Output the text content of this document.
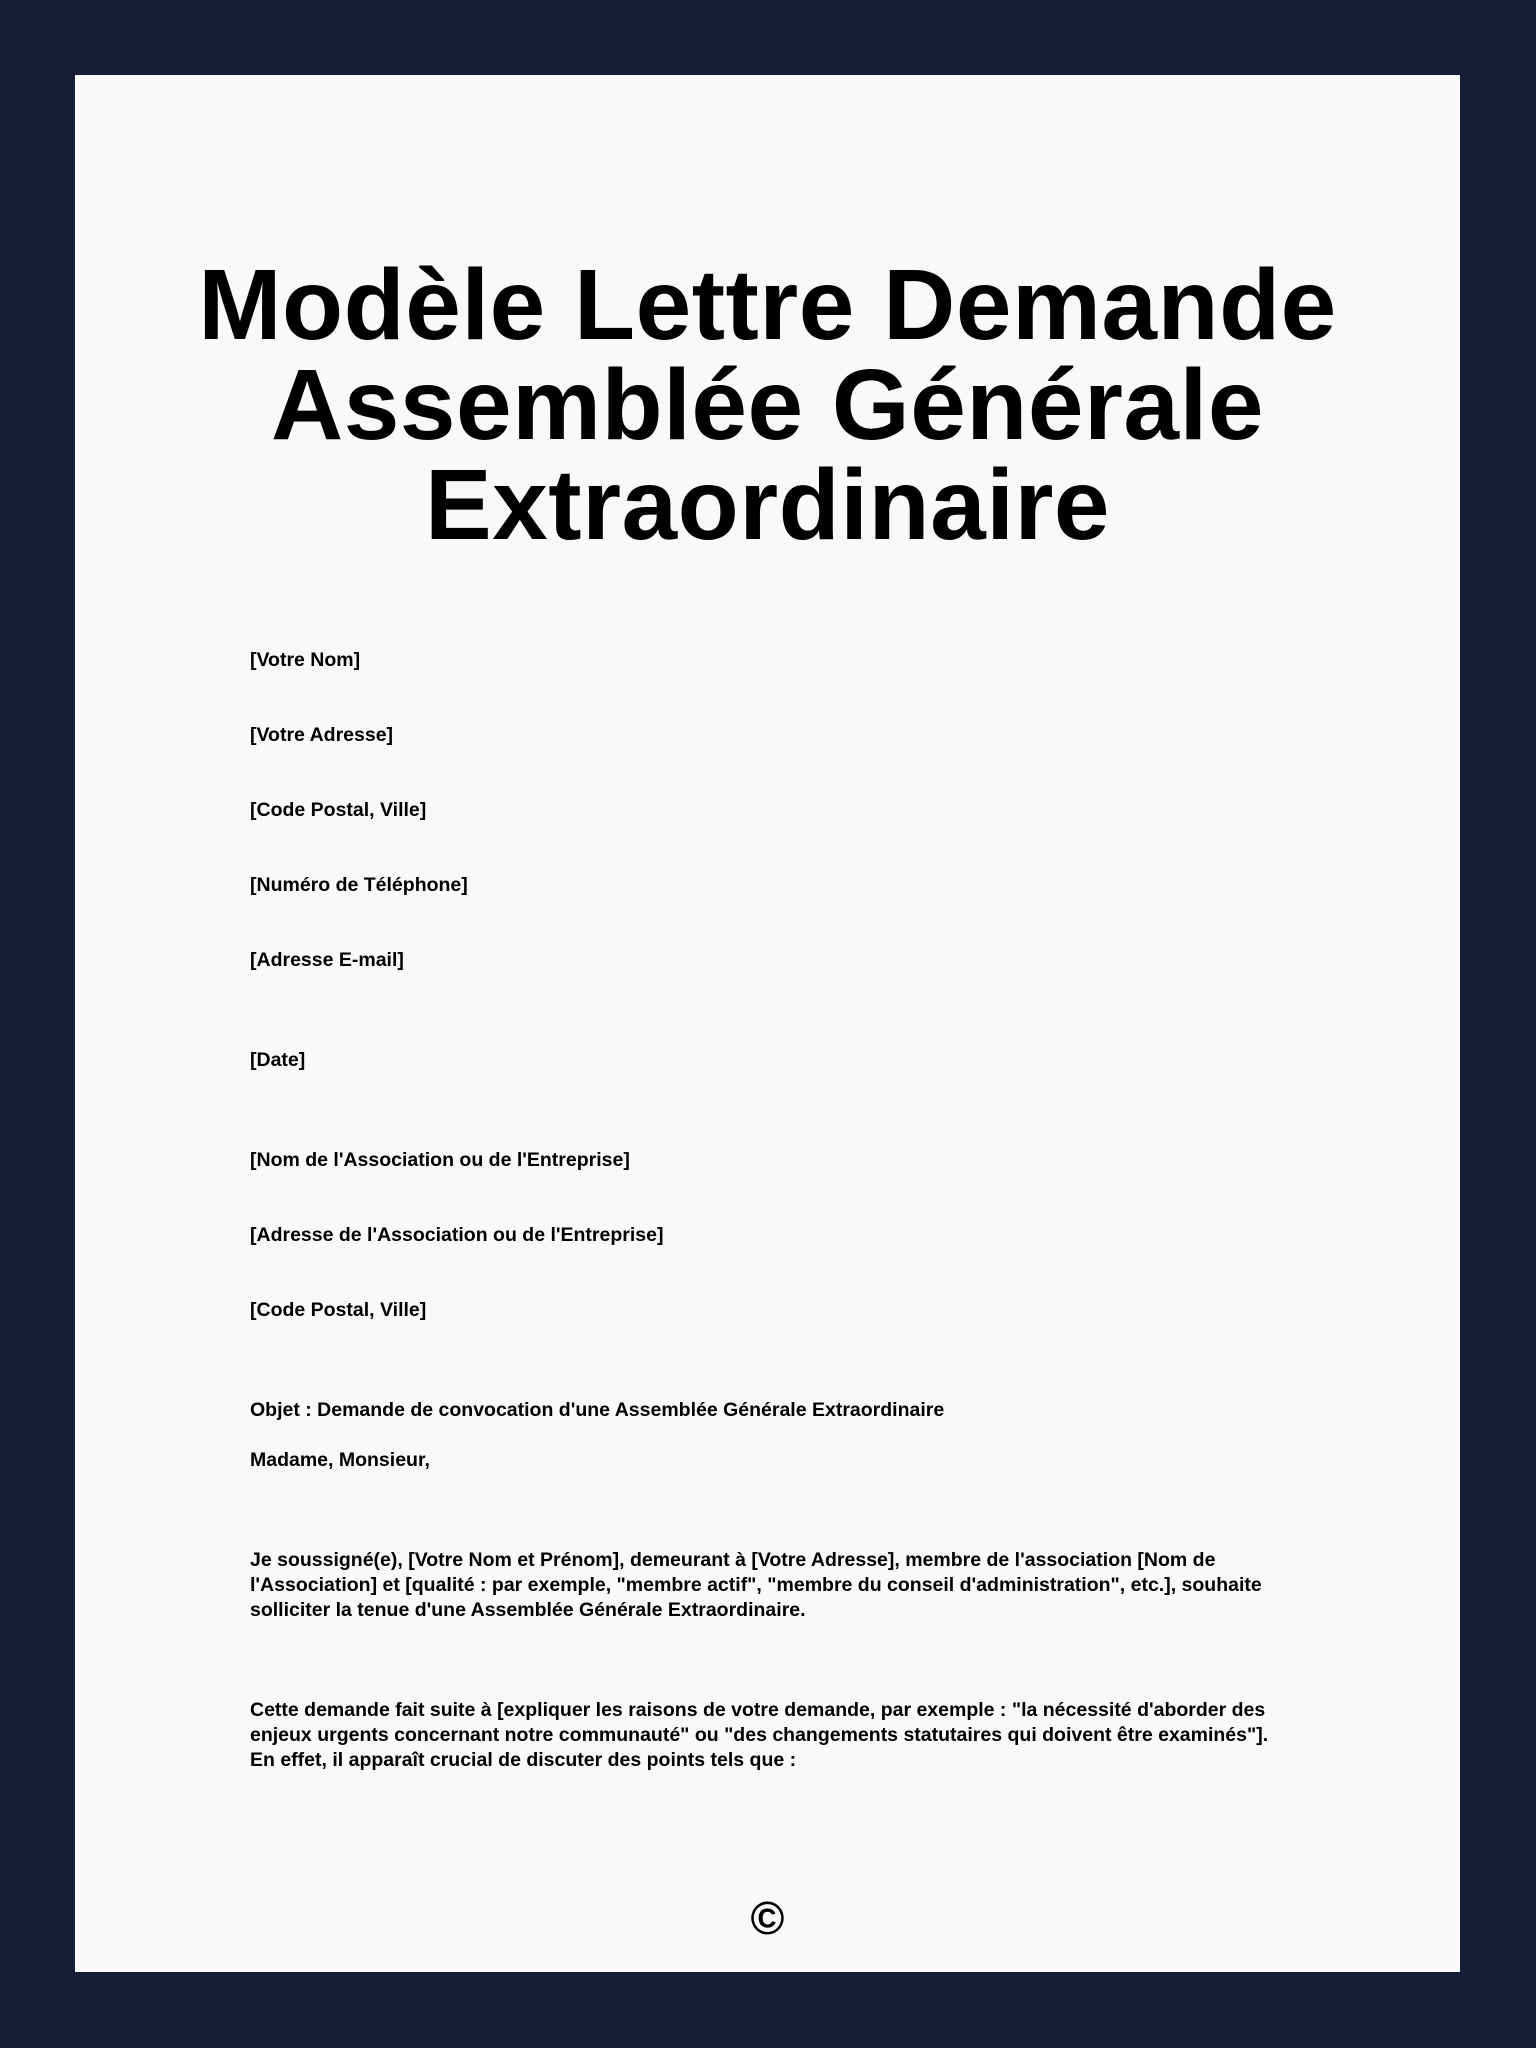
Modèle Lettre Demande
Assemblée Générale
Extraordinaire

[Votre Nom]

[Votre Adresse]

[Code Postal, Ville]

[Numéro de Téléphone]

[Adresse E-mail]

[Date]

[Nom de l'Association ou de l'Entreprise]

[Adresse de l'Association ou de l'Entreprise]

[Code Postal, Ville]

Objet : Demande de convocation d'une Assemblée Générale Extraordinaire

Madame, Monsieur,

Je soussigné(e), [Votre Nom et Prénom], demeurant à [Votre Adresse], membre de l'association [Nom de l'Association] et [qualité : par exemple, "membre actif", "membre du conseil d'administration", etc.], souhaite solliciter la tenue d'une Assemblée Générale Extraordinaire.

Cette demande fait suite à [expliquer les raisons de votre demande, par exemple : "la nécessité d'aborder des enjeux urgents concernant notre communauté" ou "des changements statutaires qui doivent être examinés"]. En effet, il apparaît crucial de discuter des points tels que :

©
